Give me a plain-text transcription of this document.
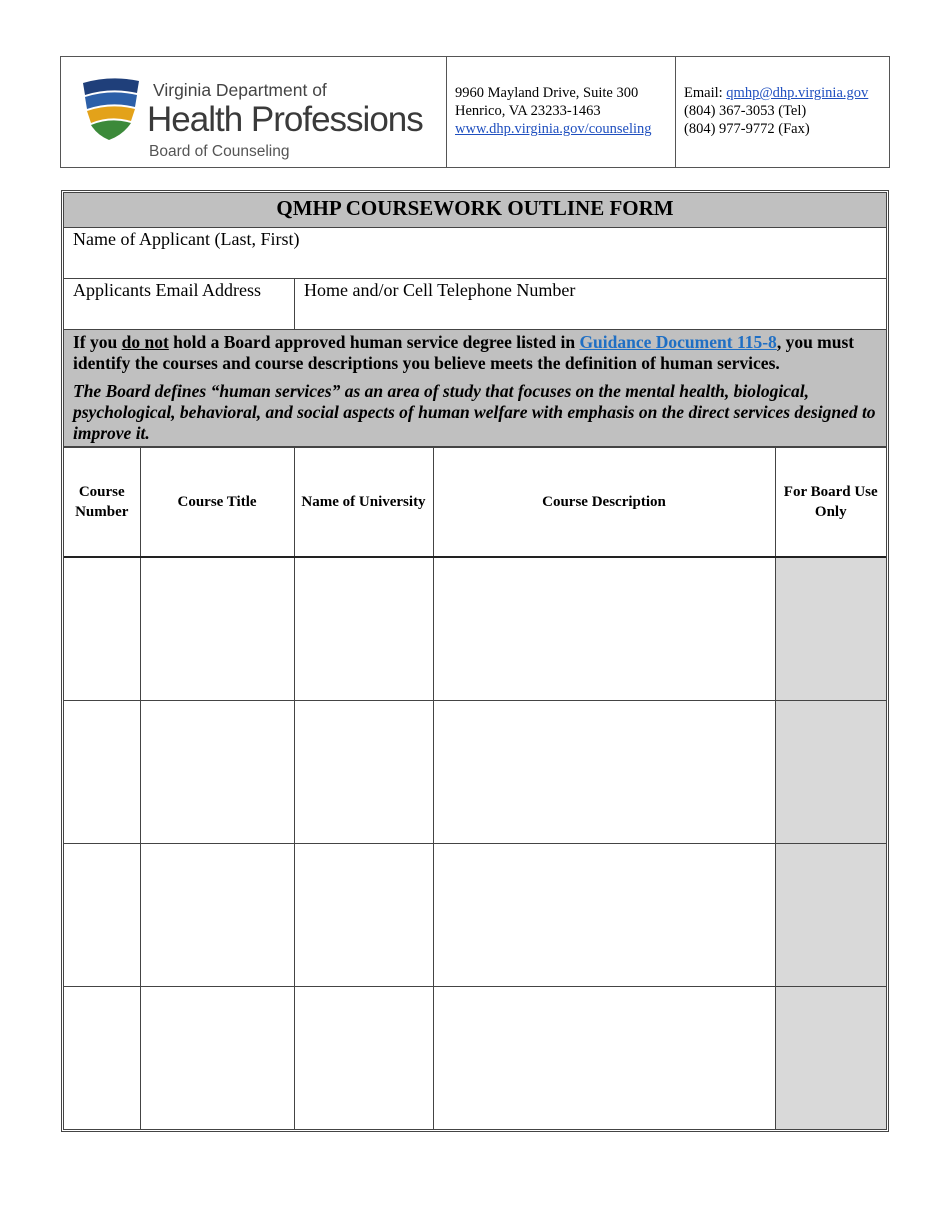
Virginia Department of
Health Professions
Board of Counseling
9960 Mayland Drive, Suite 300
Henrico, VA 23233-1463
www.dhp.virginia.gov/counseling
Email: qmhp@dhp.virginia.gov
(804) 367-3053 (Tel)
(804) 977-9772 (Fax)
QMHP COURSEWORK OUTLINE FORM
Name of Applicant (Last, First)
Applicants Email Address	Home and/or Cell Telephone Number

If you do not hold a Board approved human service degree listed in Guidance Document 115-8, you must identify the courses and course descriptions you believe meets the definition of human services.

The Board defines “human services” as an area of study that focuses on the mental health, biological, psychological, behavioral, and social aspects of human welfare with emphasis on the direct services designed to improve it.

Course Number	Course Title	Name of University	Course Description	For Board Use Only
